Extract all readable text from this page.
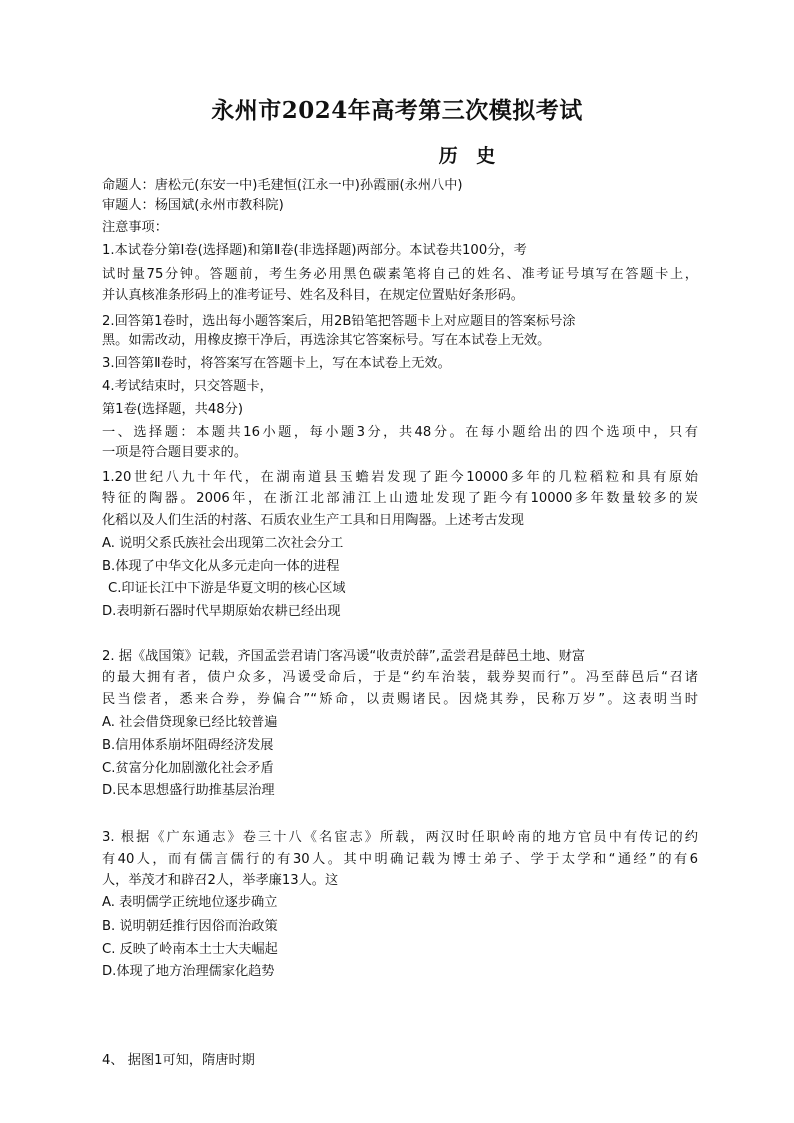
永州市2024年高考第三次模拟考试
历 史
命题人：唐松元(东安一中)毛建恒(江永一中)孙霞丽(永州八中)
审题人：杨国斌(永州市教科院)
注意事项：
1.本试卷分第I卷(选择题)和第Ⅱ卷(非选择题)两部分。本试卷共100分，考
试时量75分钟。答题前，考生务必用黑色碳素笔将自己的姓名、准考证号填写在答题卡上，
并认真核准条形码上的准考证号、姓名及科目，在规定位置贴好条形码。
2.回答第1卷时，选出每小题答案后，用2B铅笔把答题卡上对应题目的答案标号涂
黑。如需改动，用橡皮擦干净后，再选涂其它答案标号。写在本试卷上无效。
3.回答第Ⅱ卷时，将答案写在答题卡上，写在本试卷上无效。
4.考试结束时，只交答题卡，
第1卷(选择题，共48分)
一、选择题：本题共16小题，每小题3分，共48分。在每小题给出的四个选项中，只有
一项是符合题目要求的。
1.20世纪八九十年代，在湖南道县玉蟾岩发现了距今10000多年的几粒稻粒和具有原始
特征的陶器。2006年，在浙江北部浦江上山遗址发现了距今有10000多年数量较多的炭
化稻以及人们生活的村落、石质农业生产工具和日用陶器。上述考古发现
A. 说明父系氏族社会出现第二次社会分工
B.体现了中华文化从多元走向一体的进程
C.印证长江中下游是华夏文明的核心区域
D.表明新石器时代早期原始农耕已经出现
2. 据《战国策》记载，齐国孟尝君请门客冯谖“收责於薛”,孟尝君是薛邑土地、财富
的最大拥有者，债户众多，冯谖受命后，于是“约车治装，载券契而行”。冯至薛邑后“召诸
民当偿者，悉来合券，券偏合”“矫命，以责赐诸民。因烧其券，民称万岁”。这表明当时
A. 社会借贷现象已经比较普遍
B.信用体系崩坏阻碍经济发展
C.贫富分化加剧激化社会矛盾
D.民本思想盛行助推基层治理
3. 根据《广东通志》卷三十八《名宦志》所载，两汉时任职岭南的地方官员中有传记的约
有40人，而有儒言儒行的有30人。其中明确记载为博士弟子、学于太学和“通经”的有6
人，举茂才和辟召2人，举孝廉13人。这
A. 表明儒学正统地位逐步确立
B. 说明朝廷推行因俗而治政策
C. 反映了岭南本土士大夫崛起
D.体现了地方治理儒家化趋势
4、 据图1可知，隋唐时期
